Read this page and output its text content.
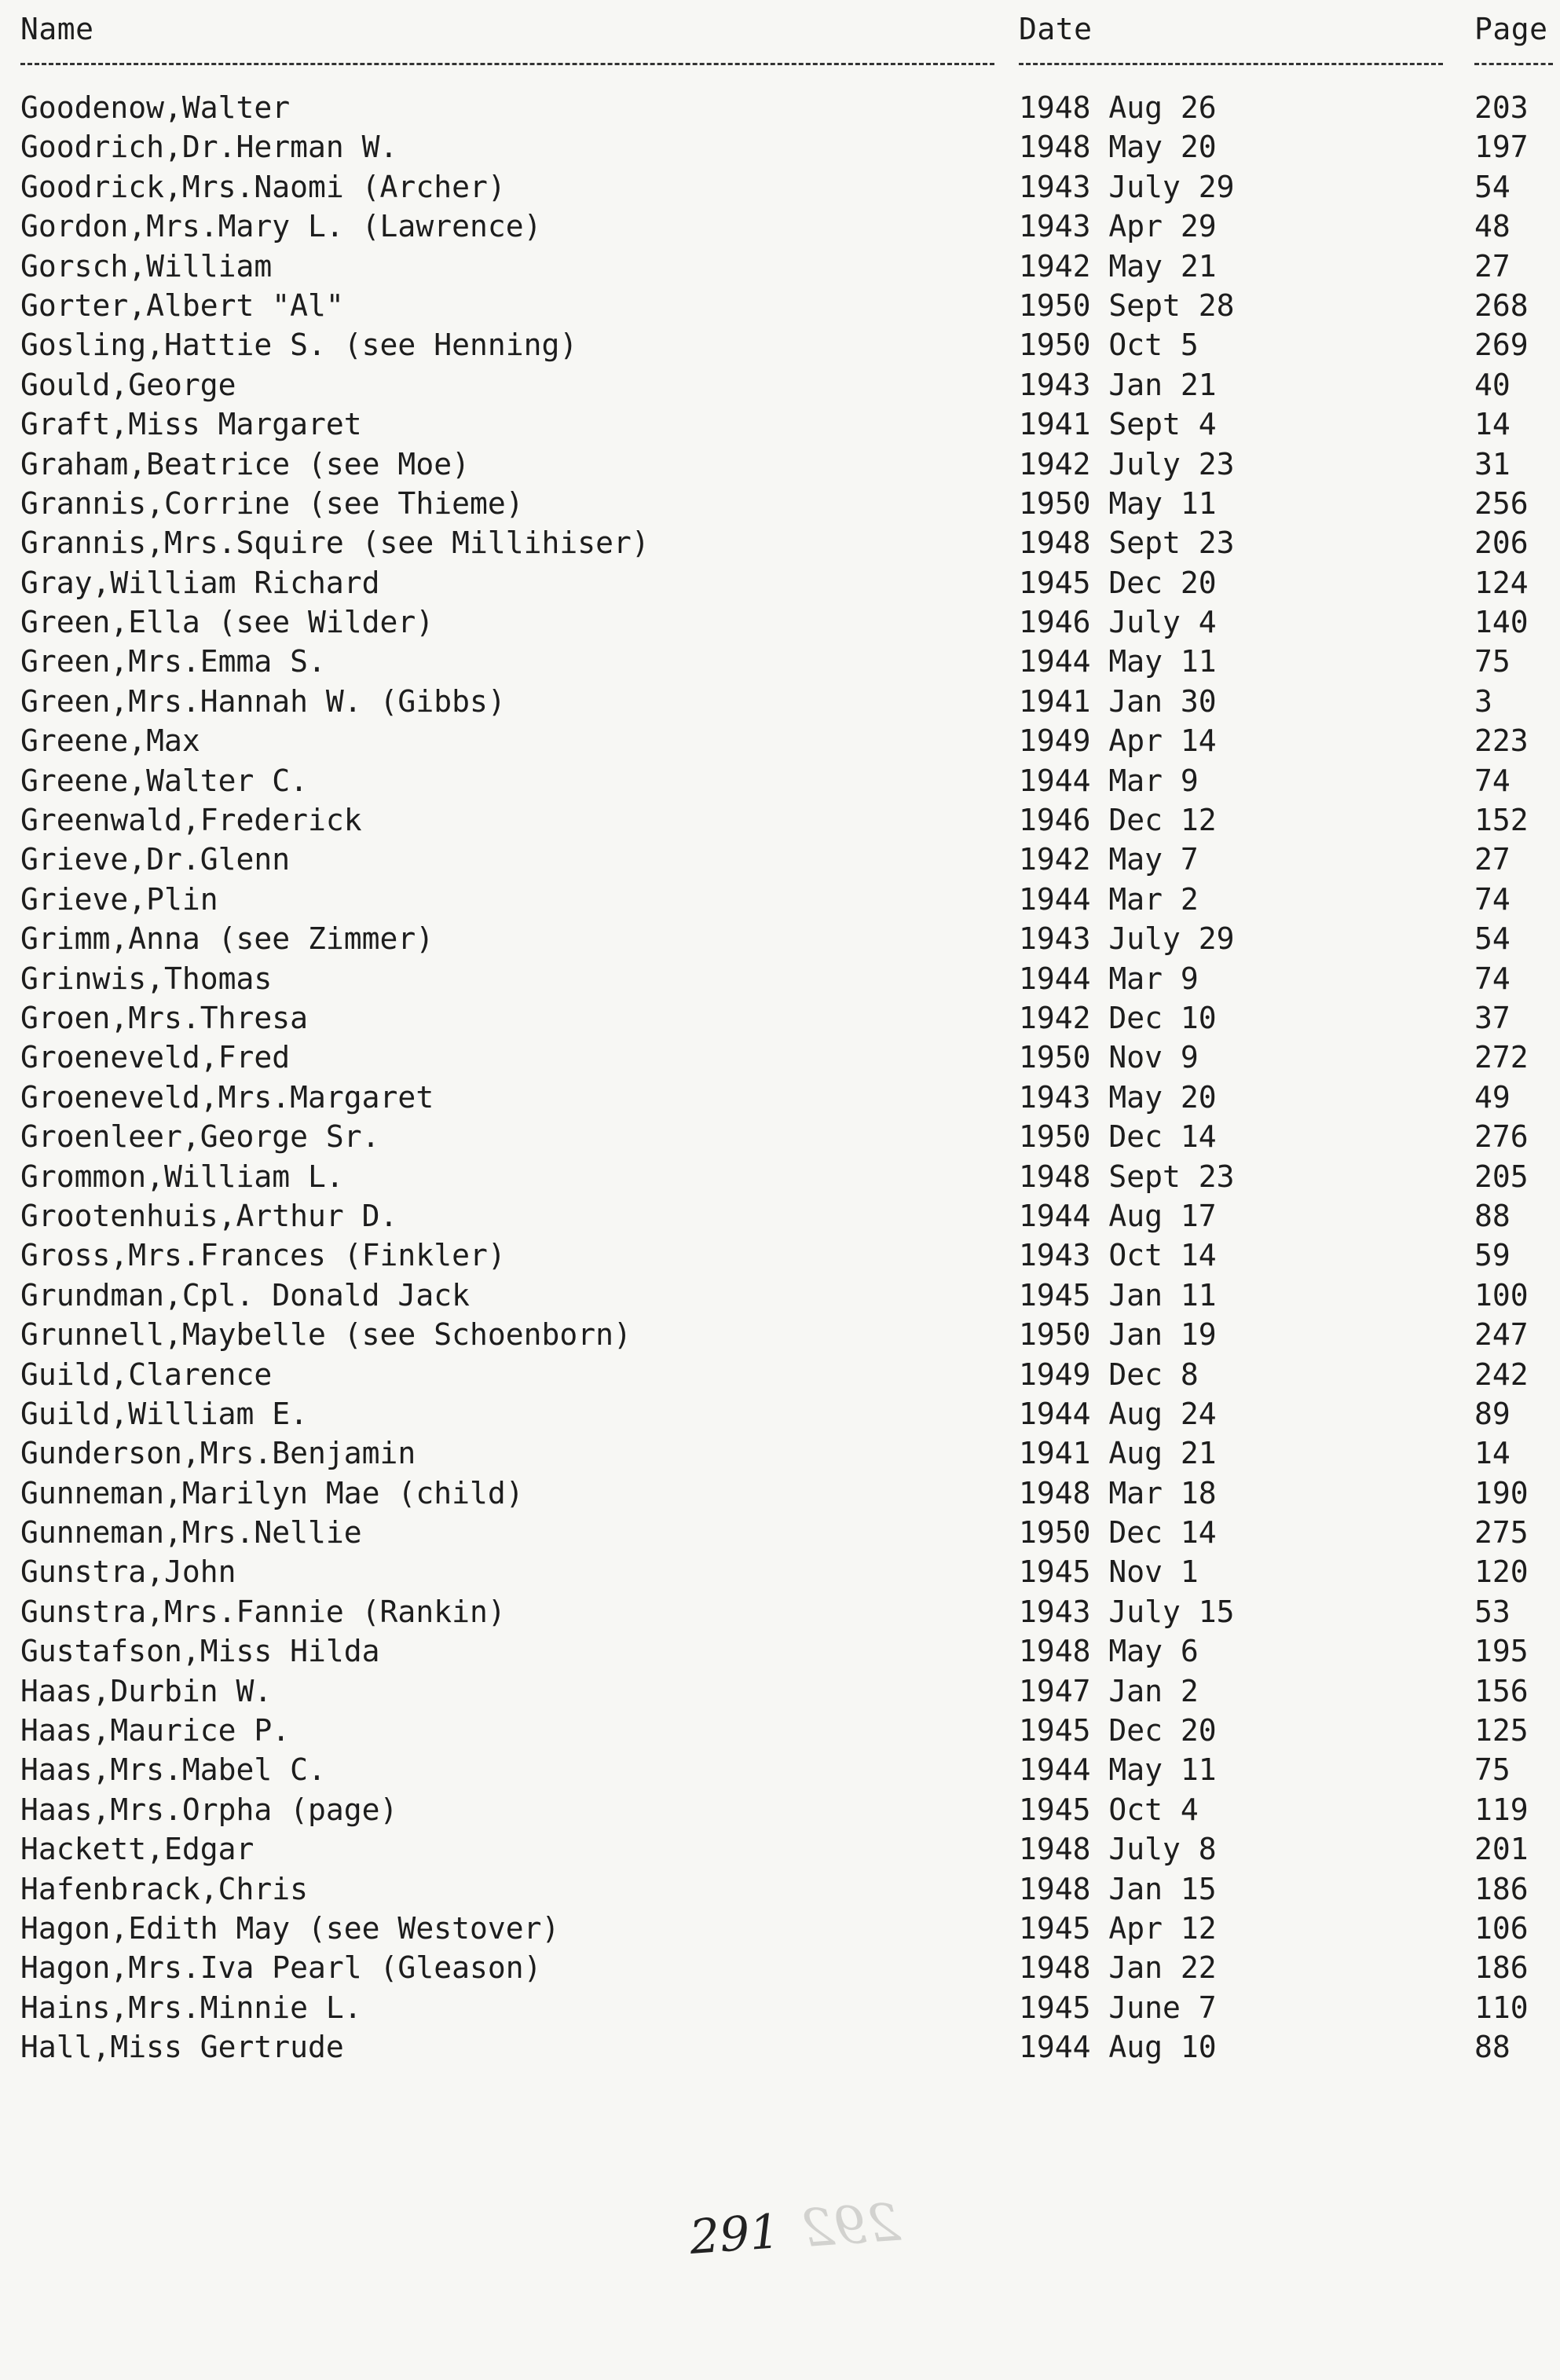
Name	Date	Page
Goodenow,Walter	1948 Aug 26	203
Goodrich,Dr.Herman W.	1948 May 20	197
Goodrick,Mrs.Naomi (Archer)	1943 July 29	54
Gordon,Mrs.Mary L. (Lawrence)	1943 Apr 29	48
Gorsch,William	1942 May 21	27
Gorter,Albert "Al"	1950 Sept 28	268
Gosling,Hattie S. (see Henning)	1950 Oct 5	269
Gould,George	1943 Jan 21	40
Graft,Miss Margaret	1941 Sept 4	14
Graham,Beatrice (see Moe)	1942 July 23	31
Grannis,Corrine (see Thieme)	1950 May 11	256
Grannis,Mrs.Squire (see Millihiser)	1948 Sept 23	206
Gray,William Richard	1945 Dec 20	124
Green,Ella (see Wilder)	1946 July 4	140
Green,Mrs.Emma S.	1944 May 11	75
Green,Mrs.Hannah W. (Gibbs)	1941 Jan 30	3
Greene,Max	1949 Apr 14	223
Greene,Walter C.	1944 Mar 9	74
Greenwald,Frederick	1946 Dec 12	152
Grieve,Dr.Glenn	1942 May 7	27
Grieve,Plin	1944 Mar 2	74
Grimm,Anna (see Zimmer)	1943 July 29	54
Grinwis,Thomas	1944 Mar 9	74
Groen,Mrs.Thresa	1942 Dec 10	37
Groeneveld,Fred	1950 Nov 9	272
Groeneveld,Mrs.Margaret	1943 May 20	49
Groenleer,George Sr.	1950 Dec 14	276
Grommon,William L.	1948 Sept 23	205
Grootenhuis,Arthur D.	1944 Aug 17	88
Gross,Mrs.Frances (Finkler)	1943 Oct 14	59
Grundman,Cpl. Donald Jack	1945 Jan 11	100
Grunnell,Maybelle (see Schoenborn)	1950 Jan 19	247
Guild,Clarence	1949 Dec 8	242
Guild,William E.	1944 Aug 24	89
Gunderson,Mrs.Benjamin	1941 Aug 21	14
Gunneman,Marilyn Mae (child)	1948 Mar 18	190
Gunneman,Mrs.Nellie	1950 Dec 14	275
Gunstra,John	1945 Nov 1	120
Gunstra,Mrs.Fannie (Rankin)	1943 July 15	53
Gustafson,Miss Hilda	1948 May 6	195
Haas,Durbin W.	1947 Jan 2	156
Haas,Maurice P.	1945 Dec 20	125
Haas,Mrs.Mabel C.	1944 May 11	75
Haas,Mrs.Orpha (page)	1945 Oct 4	119
Hackett,Edgar	1948 July 8	201
Hafenbrack,Chris	1948 Jan 15	186
Hagon,Edith May (see Westover)	1945 Apr 12	106
Hagon,Mrs.Iva Pearl (Gleason)	1948 Jan 22	186
Hains,Mrs.Minnie L.	1945 June 7	110
Hall,Miss Gertrude	1944 Aug 10	88
292
291
